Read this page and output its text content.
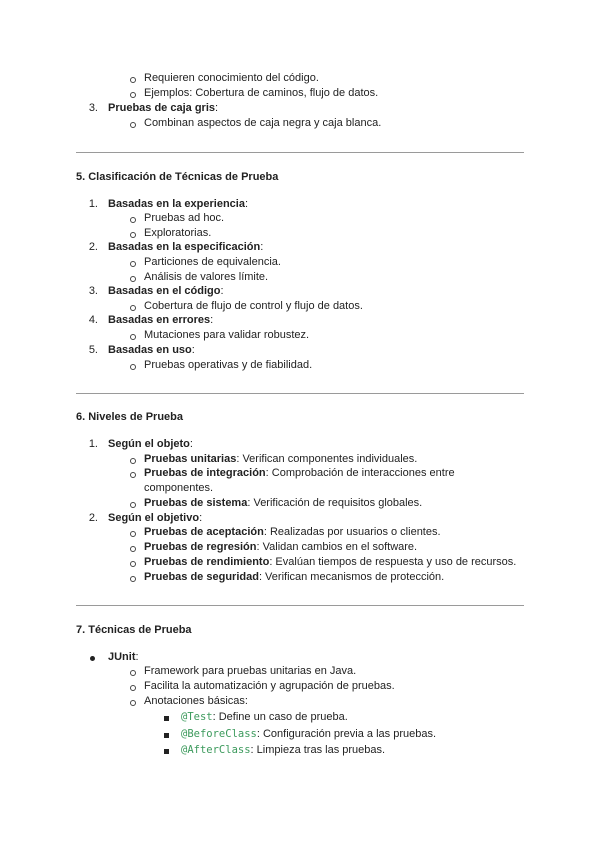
Requieren conocimiento del código.
Ejemplos: Cobertura de caminos, flujo de datos.
3. Pruebas de caja gris:
Combinan aspectos de caja negra y caja blanca.
5. Clasificación de Técnicas de Prueba
1. Basadas en la experiencia:
Pruebas ad hoc.
Exploratorias.
2. Basadas en la especificación:
Particiones de equivalencia.
Análisis de valores límite.
3. Basadas en el código:
Cobertura de flujo de control y flujo de datos.
4. Basadas en errores:
Mutaciones para validar robustez.
5. Basadas en uso:
Pruebas operativas y de fiabilidad.
6. Niveles de Prueba
1. Según el objeto:
Pruebas unitarias: Verifican componentes individuales.
Pruebas de integración: Comprobación de interacciones entre
componentes.
Pruebas de sistema: Verificación de requisitos globales.
2. Según el objetivo:
Pruebas de aceptación: Realizadas por usuarios o clientes.
Pruebas de regresión: Validan cambios en el software.
Pruebas de rendimiento: Evalúan tiempos de respuesta y uso de recursos.
Pruebas de seguridad: Verifican mecanismos de protección.
7. Técnicas de Prueba
JUnit:
Framework para pruebas unitarias en Java.
Facilita la automatización y agrupación de pruebas.
Anotaciones básicas:
@Test: Define un caso de prueba.
@BeforeClass: Configuración previa a las pruebas.
@AfterClass: Limpieza tras las pruebas.
